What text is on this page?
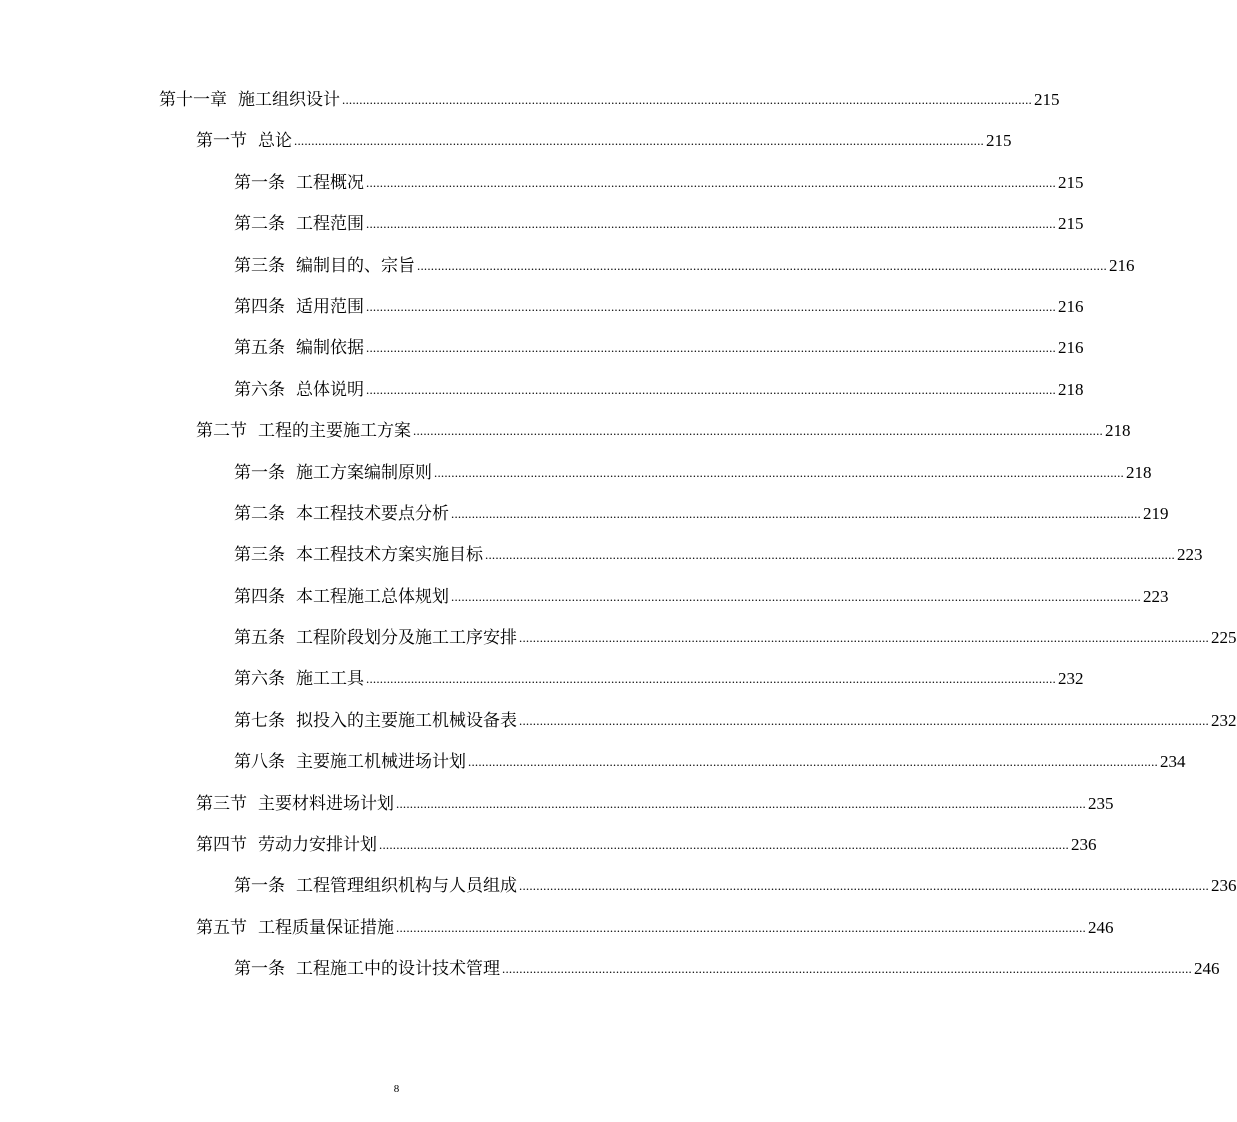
第十一章 施工组织设计 ........................................................................................................................................................................................................ 215
第一节 总论 ........................................................................................................................................................................................................ 215
第一条 工程概况 ........................................................................................................................................................................................................ 215
第二条 工程范围 ........................................................................................................................................................................................................ 215
第三条 编制目的、宗旨 ........................................................................................................................................................................................................ 216
第四条 适用范围 ........................................................................................................................................................................................................ 216
第五条 编制依据 ........................................................................................................................................................................................................ 216
第六条 总体说明 ........................................................................................................................................................................................................ 218
第二节 工程的主要施工方案 ........................................................................................................................................................................................................ 218
第一条 施工方案编制原则 ........................................................................................................................................................................................................ 218
第二条 本工程技术要点分析 ........................................................................................................................................................................................................ 219
第三条 本工程技术方案实施目标 ........................................................................................................................................................................................................ 223
第四条 本工程施工总体规划 ........................................................................................................................................................................................................ 223
第五条 工程阶段划分及施工工序安排 ........................................................................................................................................................................................................ 225
第六条 施工工具 ........................................................................................................................................................................................................ 232
第七条 拟投入的主要施工机械设备表 ........................................................................................................................................................................................................ 232
第八条 主要施工机械进场计划 ........................................................................................................................................................................................................ 234
第三节 主要材料进场计划 ........................................................................................................................................................................................................ 235
第四节 劳动力安排计划 ........................................................................................................................................................................................................ 236
第一条 工程管理组织机构与人员组成 ........................................................................................................................................................................................................ 236
第五节 工程质量保证措施 ........................................................................................................................................................................................................ 246
第一条 工程施工中的设计技术管理 ........................................................................................................................................................................................................ 246
8
